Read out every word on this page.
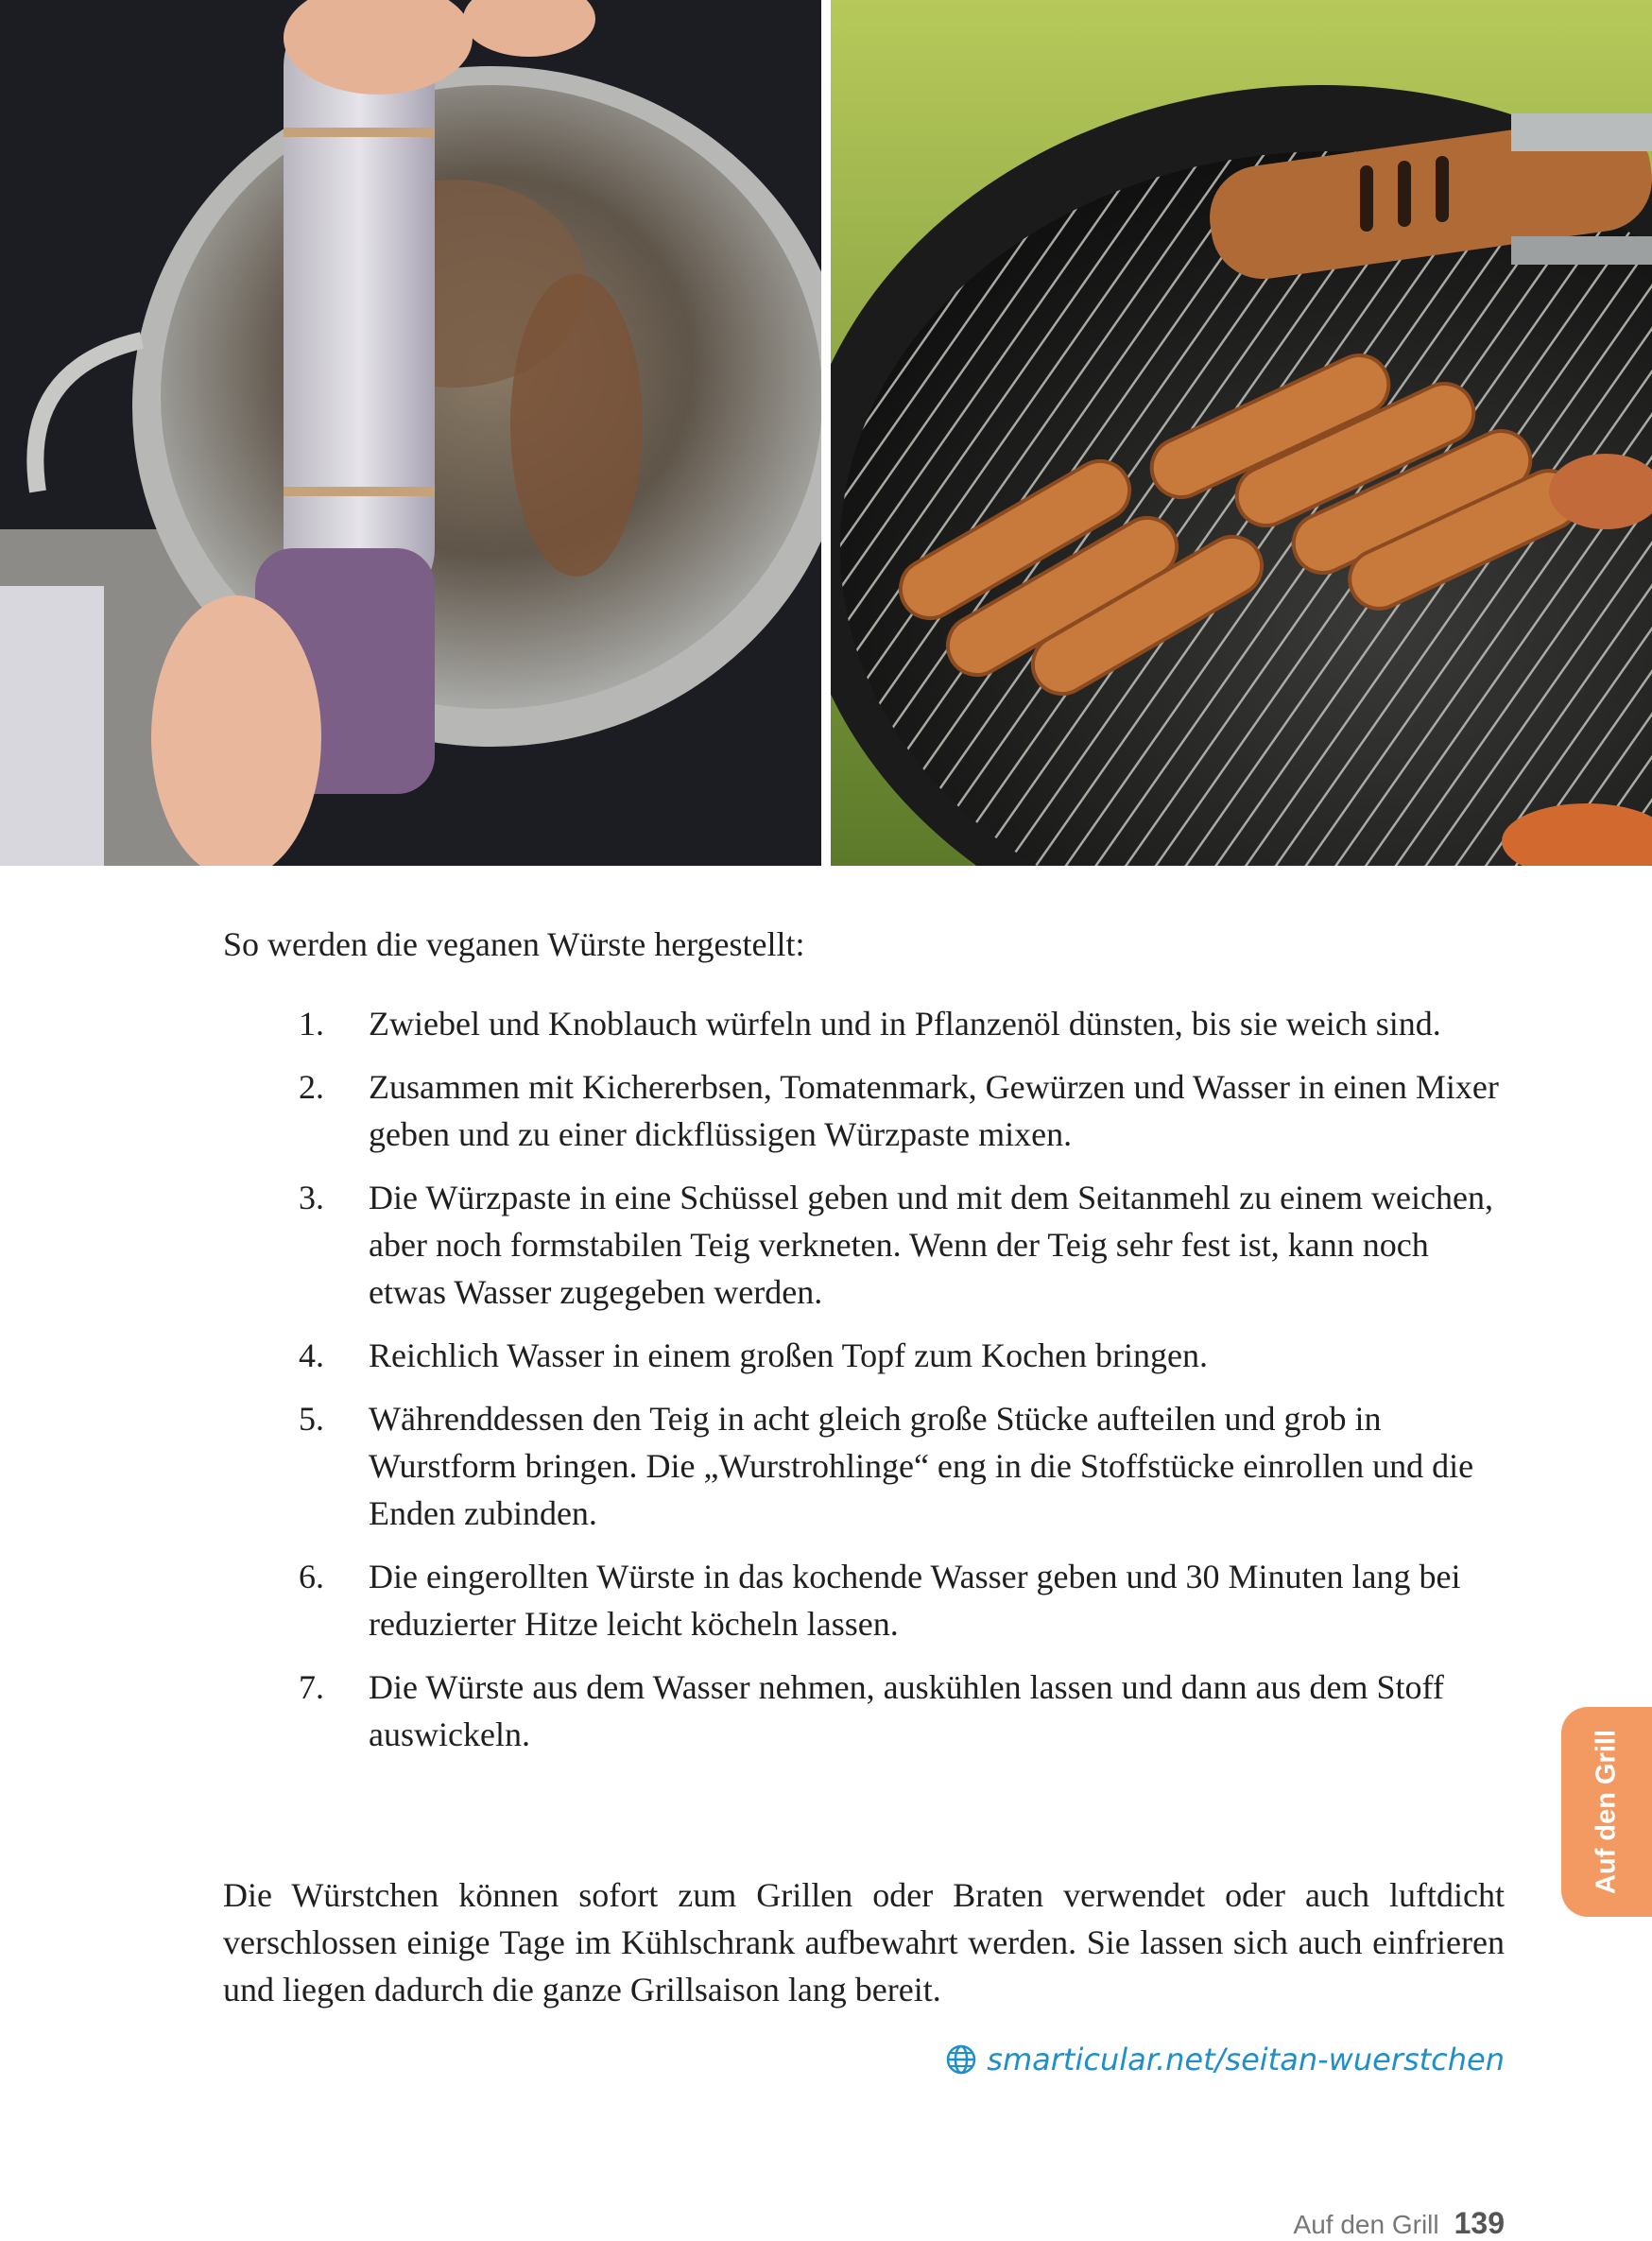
So werden die veganen Würste hergestellt:

1. Zwiebel und Knoblauch würfeln und in Pflanzenöl dünsten, bis sie weich sind.
2. Zusammen mit Kichererbsen, Tomatenmark, Gewürzen und Wasser in einen Mixer geben und zu einer dickflüssigen Würzpaste mixen.
3. Die Würzpaste in eine Schüssel geben und mit dem Seitanmehl zu einem weichen, aber noch formstabilen Teig verkneten. Wenn der Teig sehr fest ist, kann noch etwas Wasser zugegeben werden.
4. Reichlich Wasser in einem großen Topf zum Kochen bringen.
5. Währenddessen den Teig in acht gleich große Stücke aufteilen und grob in Wurstform bringen. Die „Wurstrohlinge“ eng in die Stoffstücke einrollen und die Enden zubinden.
6. Die eingerollten Würste in das kochende Wasser geben und 30 Minuten lang bei reduzierter Hitze leicht köcheln lassen.
7. Die Würste aus dem Wasser nehmen, auskühlen lassen und dann aus dem Stoff auswickeln.

Die Würstchen können sofort zum Grillen oder Braten verwendet oder auch luftdicht verschlossen einige Tage im Kühlschrank aufbewahrt werden. Sie lassen sich auch einfrieren und liegen dadurch die ganze Grillsaison lang bereit.

smarticular.net/seitan-wuerstchen
Auf den Grill
Auf den Grill 139
